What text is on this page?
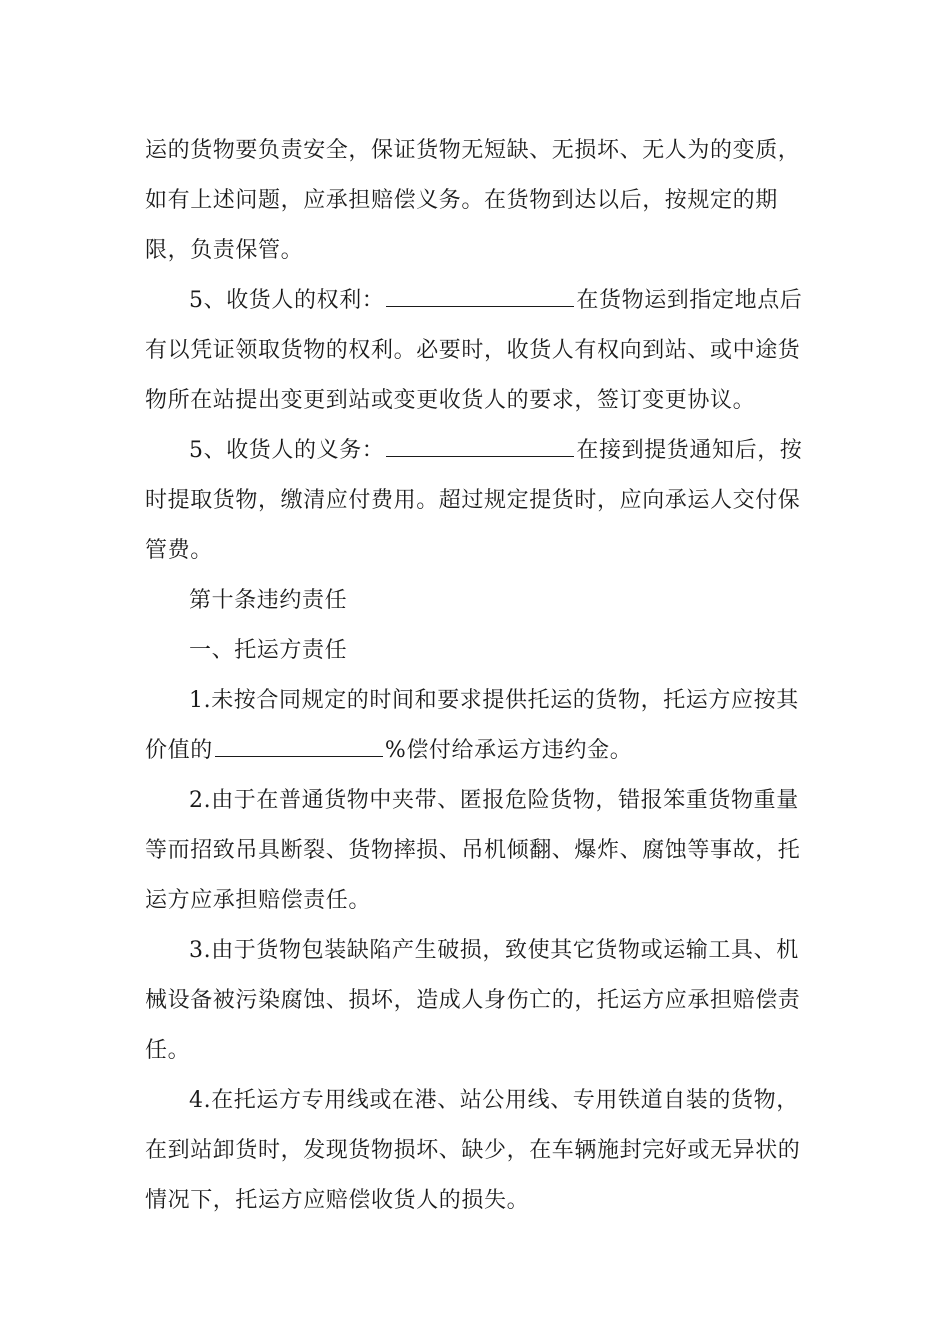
运的货物要负责安全，保证货物无短缺、无损坏、无人为的变质，如有上述问题，应承担赔偿义务。在货物到达以后，按规定的期限，负责保管。

5、收货人的权利：	在货物运到指定地点后有以凭证领取货物的权利。必要时，收货人有权向到站、或中途货物所在站提出变更到站或变更收货人的要求，签订变更协议。

5、收货人的义务：	在接到提货通知后，按时提取货物，缴清应付费用。超过规定提货时，应向承运人交付保管费。

第十条违约责任

一、托运方责任

1.未按合同规定的时间和要求提供托运的货物，托运方应按其价值的	%偿付给承运方违约金。

2.由于在普通货物中夹带、匿报危险货物，错报笨重货物重量等而招致吊具断裂、货物摔损、吊机倾翻、爆炸、腐蚀等事故，托运方应承担赔偿责任。

3.由于货物包装缺陷产生破损，致使其它货物或运输工具、机械设备被污染腐蚀、损坏，造成人身伤亡的，托运方应承担赔偿责任。

4.在托运方专用线或在港、站公用线、专用铁道自装的货物，在到站卸货时，发现货物损坏、缺少，在车辆施封完好或无异状的情况下，托运方应赔偿收货人的损失。
